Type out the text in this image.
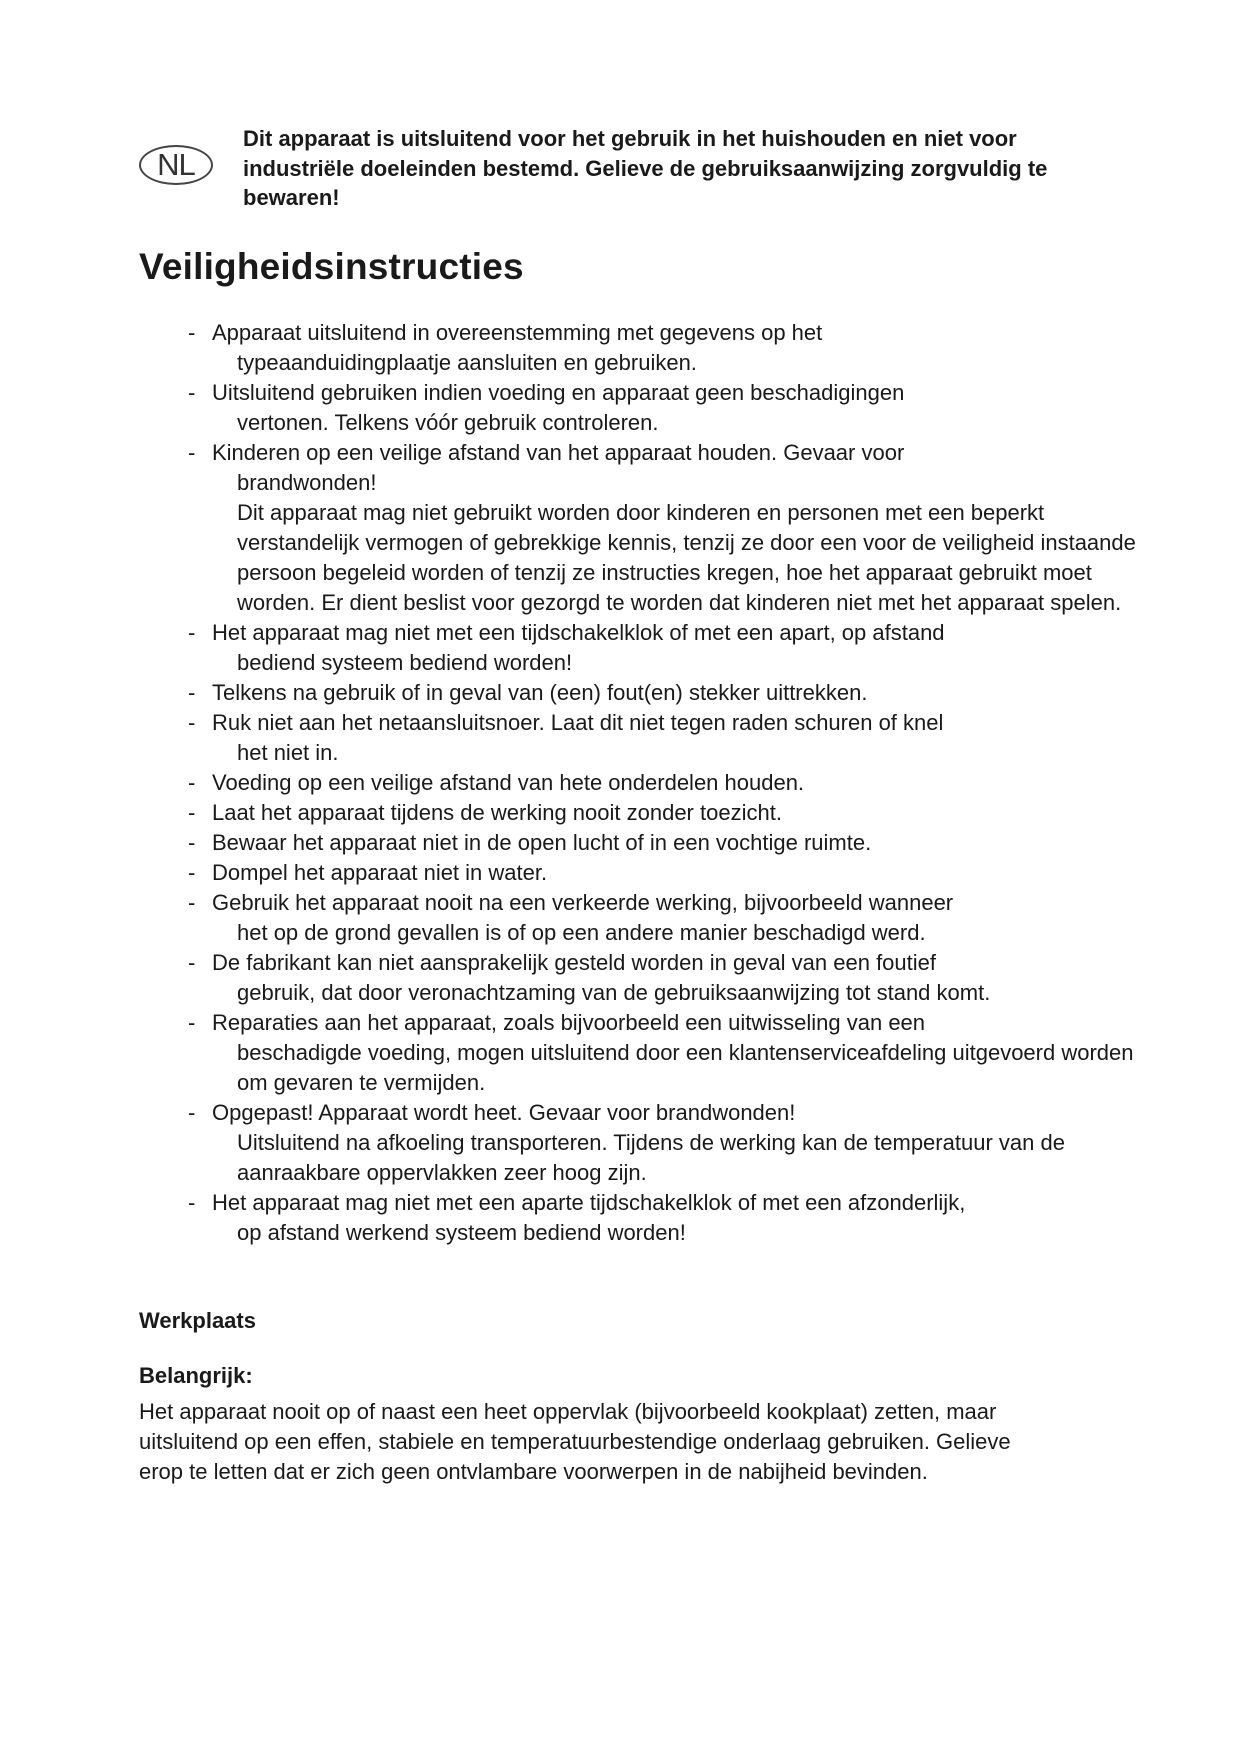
NL
Dit apparaat is uitsluitend voor het gebruik in het huishouden en niet voor industriële doeleinden bestemd. Gelieve de gebruiksaanwijzing zorgvuldig te bewaren!
Veiligheidsinstructies
- Apparaat uitsluitend in overeenstemming met gegevens op het

typeaanduidingplaatje aansluiten en gebruiken.
- Uitsluitend gebruiken indien voeding en apparaat geen beschadigingen

vertonen. Telkens vóór gebruik controleren.
- Kinderen op een veilige afstand van het apparaat houden. Gevaar voor

brandwonden!
Dit apparaat mag niet gebruikt worden door kinderen en personen met een beperkt verstandelijk vermogen of gebrekkige kennis, tenzij ze door een voor de veiligheid instaande persoon begeleid worden of tenzij ze instructies kregen, hoe het apparaat gebruikt moet worden. Er dient beslist voor gezorgd te worden dat kinderen niet met het apparaat spelen.
- Het apparaat mag niet met een tijdschakelklok of met een apart, op afstand

bediend systeem bediend worden!
- Telkens na gebruik of in geval van (een) fout(en) stekker uittrekken.
- Ruk niet aan het netaansluitsnoer. Laat dit niet tegen raden schuren of knel

het niet in.
- Voeding op een veilige afstand van hete onderdelen houden.
- Laat het apparaat tijdens de werking nooit zonder toezicht.
- Bewaar het apparaat niet in de open lucht of in een vochtige ruimte.
- Dompel het apparaat niet in water.
- Gebruik het apparaat nooit na een verkeerde werking, bijvoorbeeld wanneer

het op de grond gevallen is of op een andere manier beschadigd werd.
- De fabrikant kan niet aansprakelijk gesteld worden in geval van een foutief

gebruik, dat door veronachtzaming van de gebruiksaanwijzing tot stand komt.
- Reparaties aan het apparaat, zoals bijvoorbeeld een uitwisseling van een

beschadigde voeding, mogen uitsluitend door een klantenserviceafdeling uitgevoerd worden om gevaren te vermijden.
- Opgepast! Apparaat wordt heet. Gevaar voor brandwonden!
Uitsluitend na afkoeling transporteren. Tijdens de werking kan de temperatuur van de aanraakbare oppervlakken zeer hoog zijn.
- Het apparaat mag niet met een aparte tijdschakelklok of met een afzonderlijk,

op afstand werkend systeem bediend worden!
Werkplaats
Belangrijk:
Het apparaat nooit op of naast een heet oppervlak (bijvoorbeeld kookplaat) zetten, maar uitsluitend op een effen, stabiele en temperatuurbestendige onderlaag gebruiken. Gelieve erop te letten dat er zich geen ontvlambare voorwerpen in de nabijheid bevinden.
